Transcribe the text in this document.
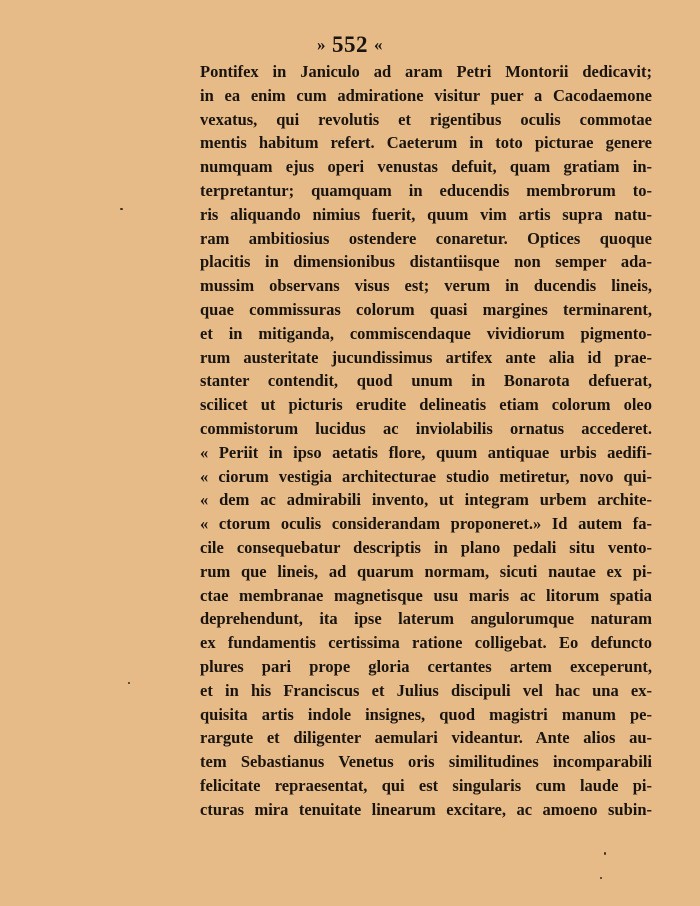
» 552 «
Pontifex in Janiculo ad aram Petri Montorii dedicavit;
in ea enim cum admiratione visitur puer a Cacodaemone
vexatus, qui revolutis et rigentibus oculis commotae
mentis habitum refert. Caeterum in toto picturae genere
numquam ejus operi venustas defuit, quam gratiam in-
terpretantur; quamquam in educendis membrorum to-
ris aliquando nimius fuerit, quum vim artis supra natu-
ram ambitiosius ostendere conaretur. Optices quoque
placitis in dimensionibus distantiisque non semper ada-
mussim observans visus est; verum in ducendis lineis,
quae commissuras colorum quasi margines terminarent,
et in mitiganda, commiscendaque vividiorum pigmento-
rum austeritate jucundissimus artifex ante alia id prae-
stanter contendit, quod unum in Bonarota defuerat,
scilicet ut picturis erudite delineatis etiam colorum oleo
commistorum lucidus ac inviolabilis ornatus accederet.
« Periit in ipso aetatis flore, quum antiquae urbis aedifi-
« ciorum vestigia architecturae studio metiretur, novo qui-
« dem ac admirabili invento, ut integram urbem archite-
« ctorum oculis considerandam proponeret.» Id autem fa-
cile consequebatur descriptis in plano pedali situ vento-
rum que lineis, ad quarum normam, sicuti nautae ex pi-
ctae membranae magnetisque usu maris ac litorum spatia
deprehendunt, ita ipse laterum angulorumque naturam
ex fundamentis certissima ratione colligebat. Eo defuncto
plures pari prope gloria certantes artem exceperunt,
et in his Franciscus et Julius discipuli vel hac una ex-
quisita artis indole insignes, quod magistri manum pe-
rargute et diligenter aemulari videantur. Ante alios au-
tem Sebastianus Venetus oris similitudines incomparabili
felicitate repraesentat, qui est singularis cum laude pi-
cturas mira tenuitate linearum excitare, ac amoeno subin-
